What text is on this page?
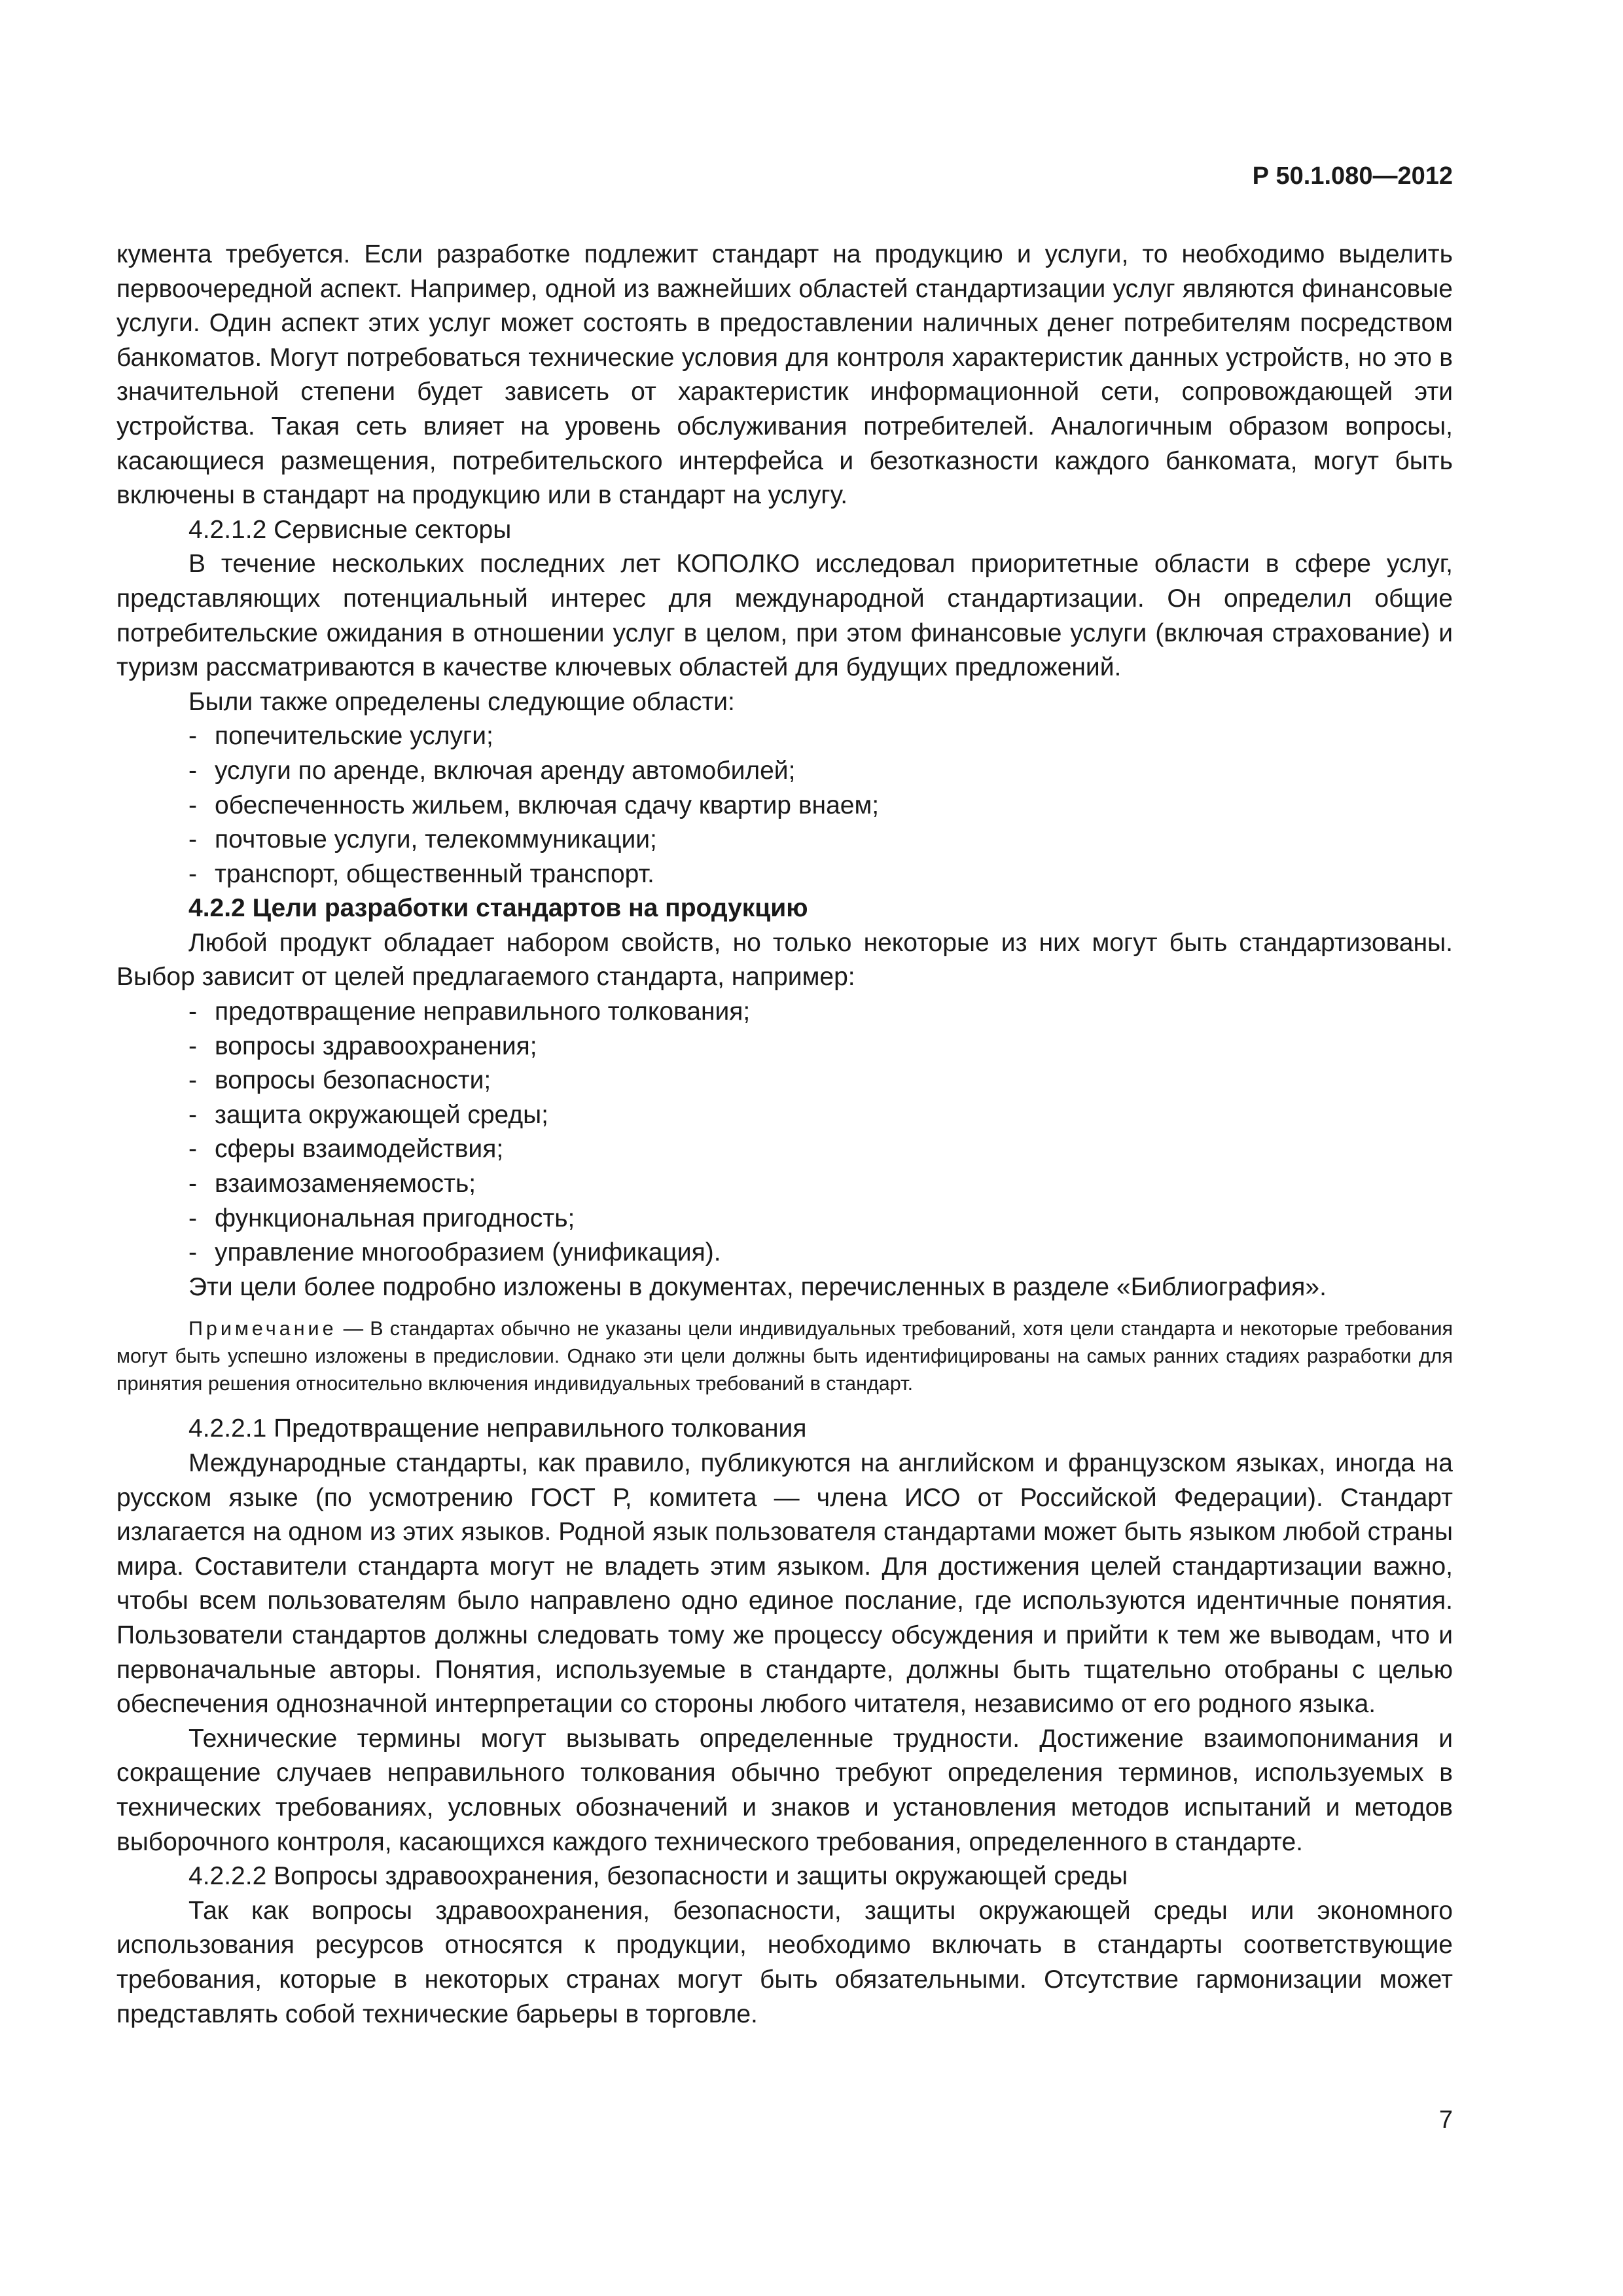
Р 50.1.080—2012

кумента требуется. Если разработке подлежит стандарт на продукцию и услуги, то необходимо выделить первоочередной аспект. Например, одной из важнейших областей стандартизации услуг являются финансовые услуги. Один аспект этих услуг может состоять в предоставлении наличных денег потребителям посредством банкоматов. Могут потребоваться технические условия для контроля характеристик данных устройств, но это в значительной степени будет зависеть от характеристик информационной сети, сопровождающей эти устройства. Такая сеть влияет на уровень обслуживания потребителей. Аналогичным образом вопросы, касающиеся размещения, потребительского интерфейса и безотказности каждого банкомата, могут быть включены в стандарт на продукцию или в стандарт на услугу.

4.2.1.2 Сервисные секторы

В течение нескольких последних лет КОПОЛКО исследовал приоритетные области в сфере услуг, представляющих потенциальный интерес для международной стандартизации. Он определил общие потребительские ожидания в отношении услуг в целом, при этом финансовые услуги (включая страхование) и туризм рассматриваются в качестве ключевых областей для будущих предложений.

Были также определены следующие области:

- попечительские услуги;

- услуги по аренде, включая аренду автомобилей;

- обеспеченность жильем, включая сдачу квартир внаем;

- почтовые услуги, телекоммуникации;

- транспорт, общественный транспорт.

4.2.2 Цели разработки стандартов на продукцию

Любой продукт обладает набором свойств, но только некоторые из них могут быть стандартизованы. Выбор зависит от целей предлагаемого стандарта, например:

- предотвращение неправильного толкования;

- вопросы здравоохранения;

- вопросы безопасности;

- защита окружающей среды;

- сферы взаимодействия;

- взаимозаменяемость;

- функциональная пригодность;

- управление многообразием (унификация).

Эти цели более подробно изложены в документах, перечисленных в разделе «Библиография».

Примечание — В стандартах обычно не указаны цели индивидуальных требований, хотя цели стандарта и некоторые требования могут быть успешно изложены в предисловии. Однако эти цели должны быть идентифицированы на самых ранних стадиях разработки для принятия решения относительно включения индивидуальных требований в стандарт.

4.2.2.1 Предотвращение неправильного толкования

Международные стандарты, как правило, публикуются на английском и французском языках, иногда на русском языке (по усмотрению ГОСТ Р, комитета — члена ИСО от Российской Федерации). Стандарт излагается на одном из этих языков. Родной язык пользователя стандартами может быть языком любой страны мира. Составители стандарта могут не владеть этим языком. Для достижения целей стандартизации важно, чтобы всем пользователям было направлено одно единое послание, где используются идентичные понятия. Пользователи стандартов должны следовать тому же процессу обсуждения и прийти к тем же выводам, что и первоначальные авторы. Понятия, используемые в стандарте, должны быть тщательно отобраны с целью обеспечения однозначной интерпретации со стороны любого читателя, независимо от его родного языка.

Технические термины могут вызывать определенные трудности. Достижение взаимопонимания и сокращение случаев неправильного толкования обычно требуют определения терминов, используемых в технических требованиях, условных обозначений и знаков и установления методов испытаний и методов выборочного контроля, касающихся каждого технического требования, определенного в стандарте.

4.2.2.2 Вопросы здравоохранения, безопасности и защиты окружающей среды

Так как вопросы здравоохранения, безопасности, защиты окружающей среды или экономного использования ресурсов относятся к продукции, необходимо включать в стандарты соответствующие требования, которые в некоторых странах могут быть обязательными. Отсутствие гармонизации может представлять собой технические барьеры в торговле.

7
